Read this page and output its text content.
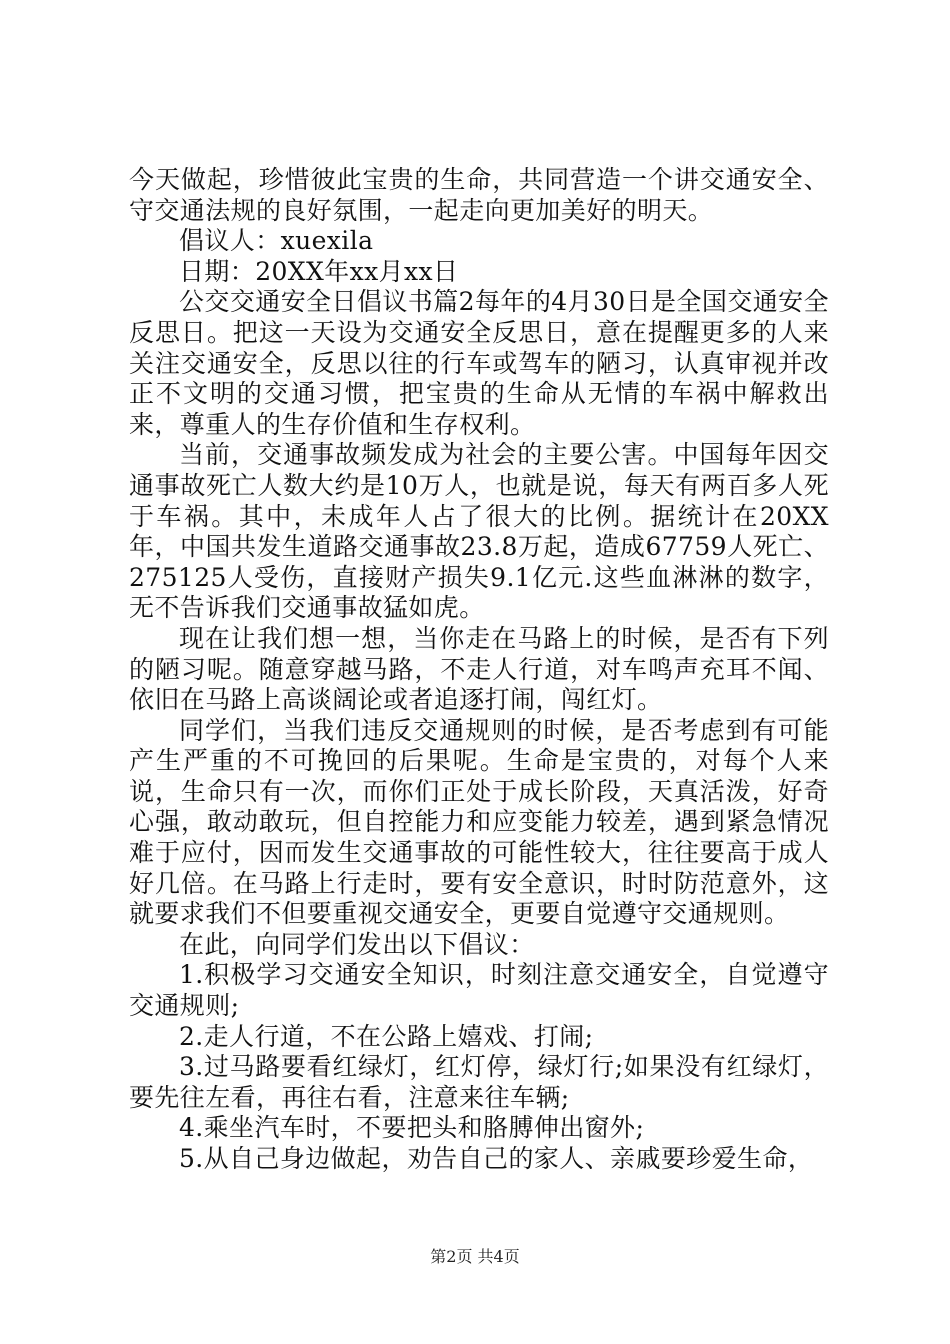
今天做起，珍惜彼此宝贵的生命，共同营造一个讲交通安全、守交通法规的良好氛围，一起走向更加美好的明天。

倡议人：xuexila

日期：20XX年xx月xx日

公交交通安全日倡议书篇2每年的4月30日是全国交通安全反思日。把这一天设为交通安全反思日，意在提醒更多的人来关注交通安全，反思以往的行车或驾车的陋习，认真审视并改正不文明的交通习惯，把宝贵的生命从无情的车祸中解救出来，尊重人的生存价值和生存权利。

当前，交通事故频发成为社会的主要公害。中国每年因交通事故死亡人数大约是10万人，也就是说，每天有两百多人死于车祸。其中，未成年人占了很大的比例。据统计在20XX年，中国共发生道路交通事故23.8万起，造成67759人死亡、275125人受伤，直接财产损失9.1亿元.这些血淋淋的数字，无不告诉我们交通事故猛如虎。

现在让我们想一想，当你走在马路上的时候，是否有下列的陋习呢。随意穿越马路，不走人行道，对车鸣声充耳不闻、依旧在马路上高谈阔论或者追逐打闹，闯红灯。

同学们，当我们违反交通规则的时候，是否考虑到有可能产生严重的不可挽回的后果呢。生命是宝贵的，对每个人来说，生命只有一次，而你们正处于成长阶段，天真活泼，好奇心强，敢动敢玩，但自控能力和应变能力较差，遇到紧急情况难于应付，因而发生交通事故的可能性较大，往往要高于成人好几倍。在马路上行走时，要有安全意识，时时防范意外，这就要求我们不但要重视交通安全，更要自觉遵守交通规则。

在此，向同学们发出以下倡议：

1.积极学习交通安全知识，时刻注意交通安全，自觉遵守交通规则;

2.走人行道，不在公路上嬉戏、打闹;

3.过马路要看红绿灯，红灯停，绿灯行;如果没有红绿灯，要先往左看，再往右看，注意来往车辆;

4.乘坐汽车时，不要把头和胳膊伸出窗外;

5.从自己身边做起，劝告自己的家人、亲戚要珍爱生命，

第2页 共4页
